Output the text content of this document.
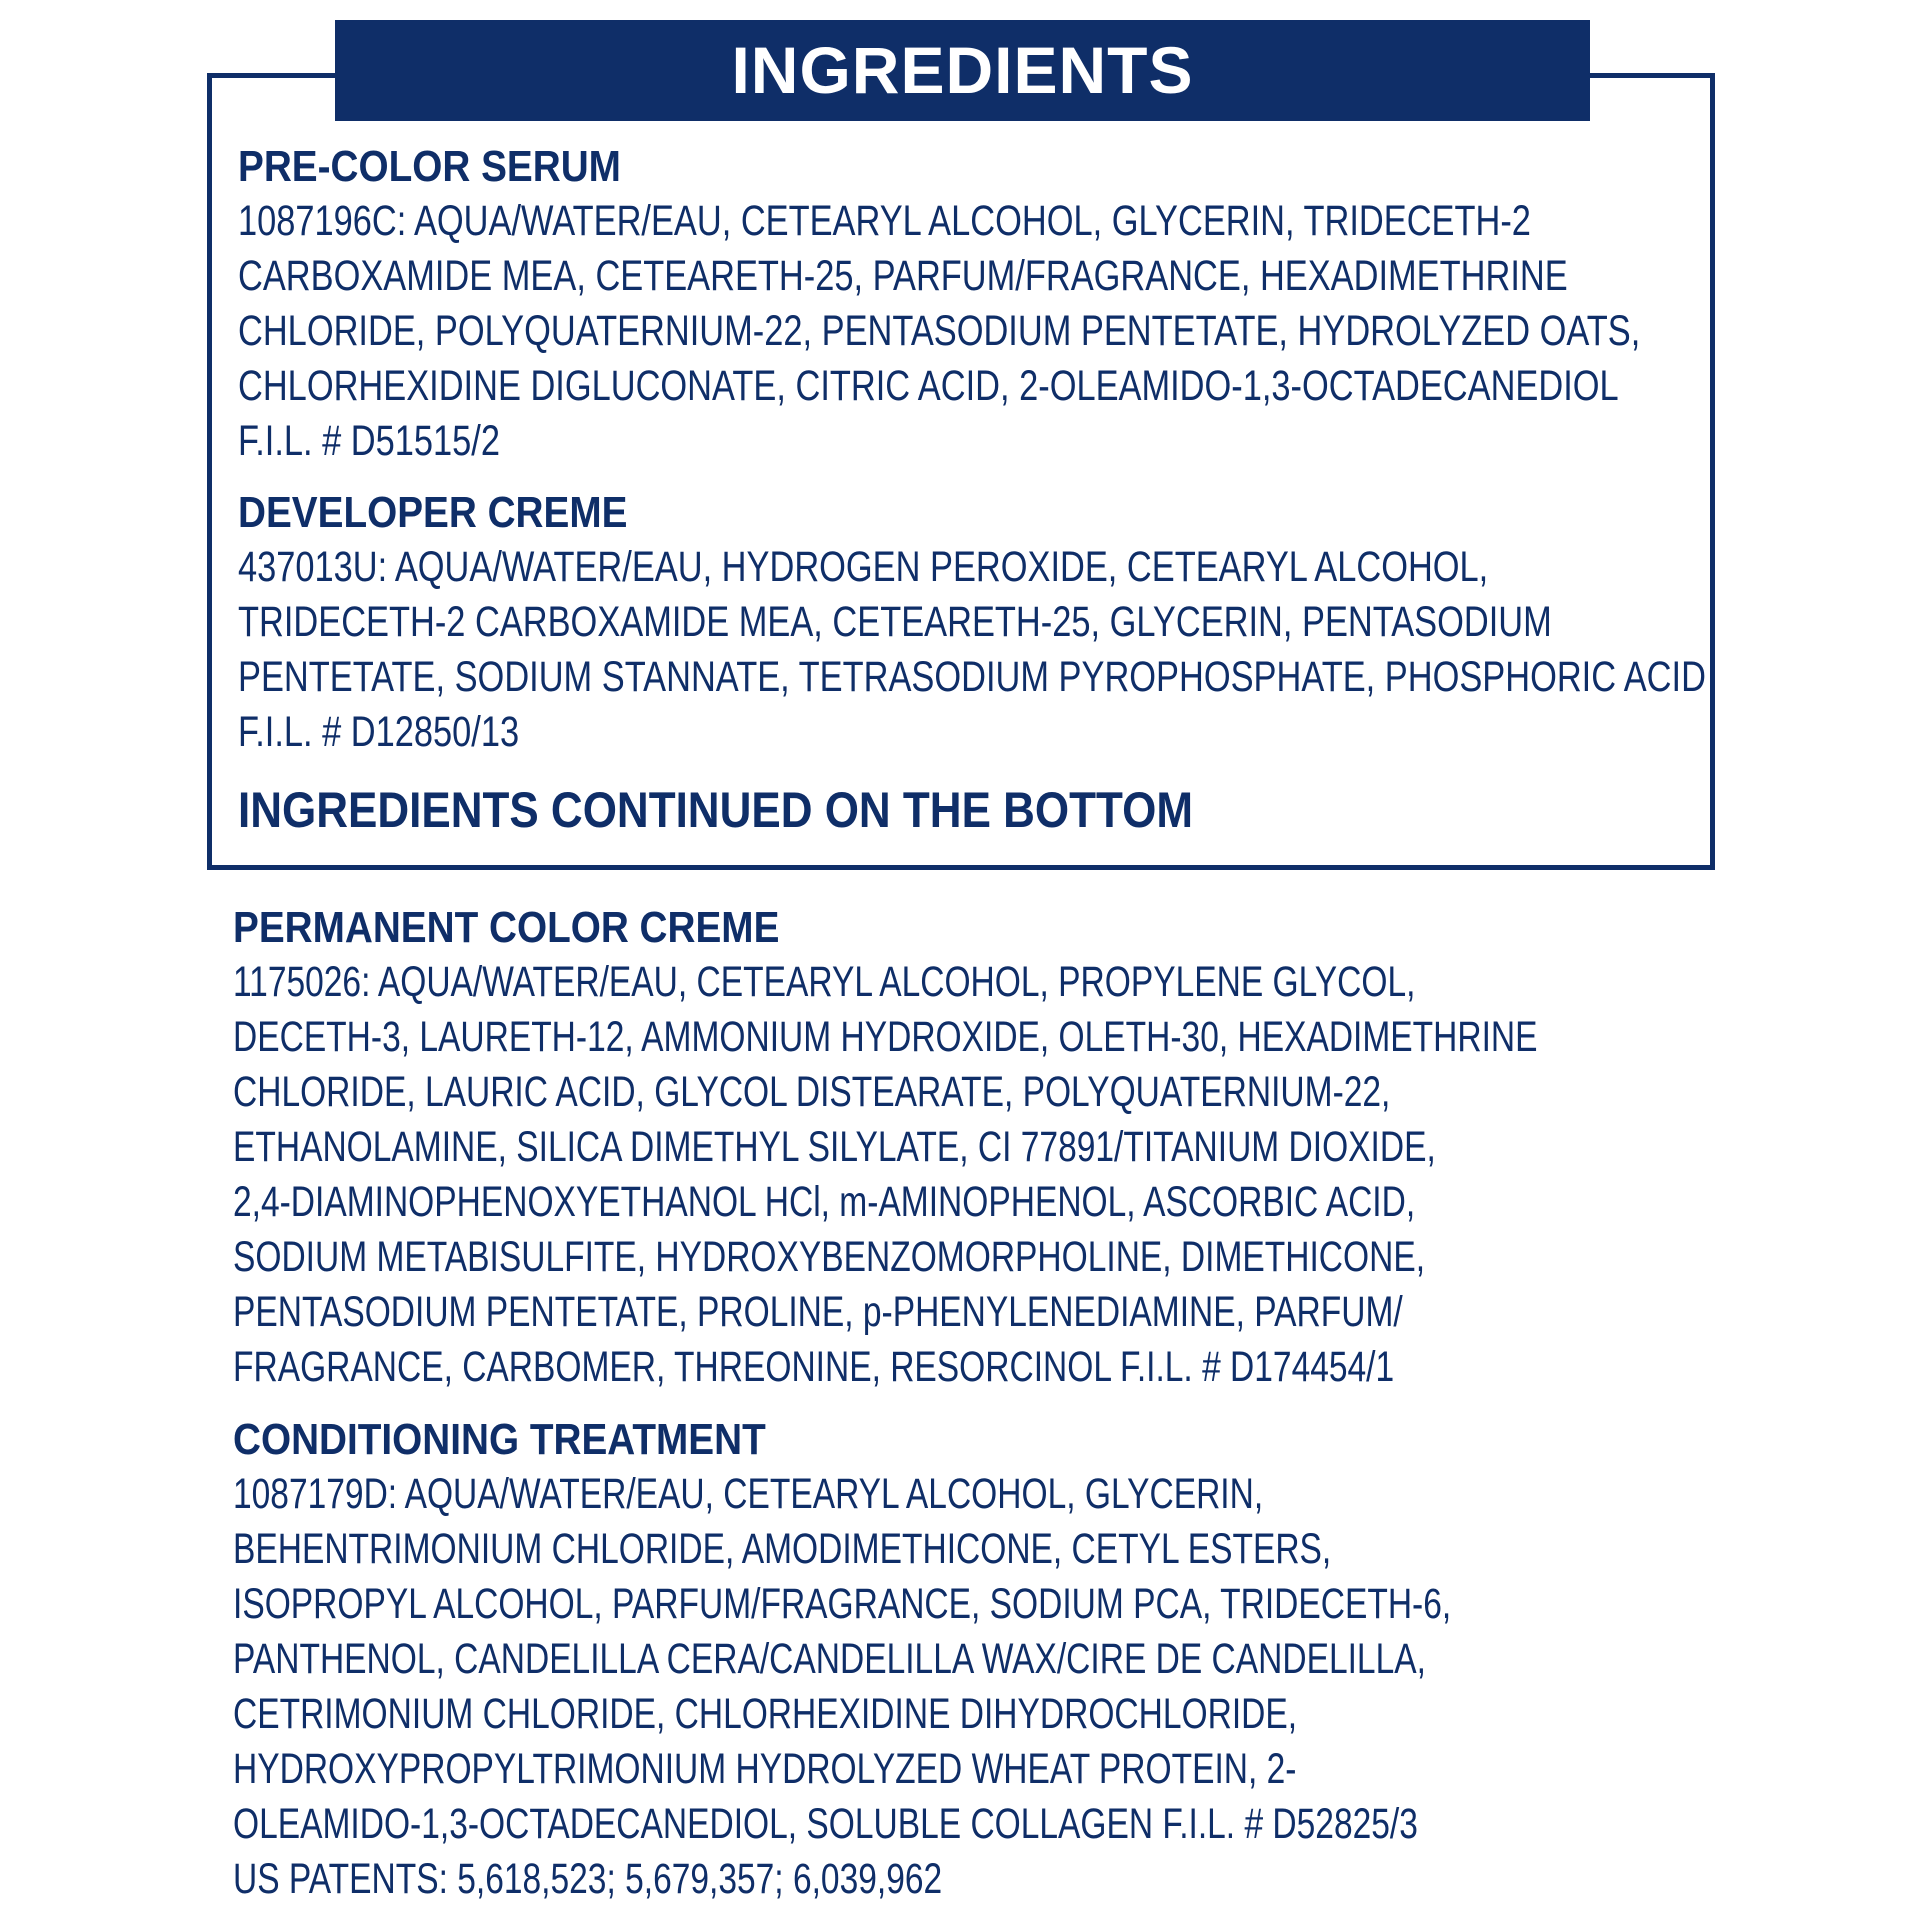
INGREDIENTS
PRE-COLOR SERUM
1087196C: AQUA/WATER/EAU, CETEARYL ALCOHOL, GLYCERIN, TRIDECETH-2
CARBOXAMIDE MEA, CETEARETH-25, PARFUM/FRAGRANCE, HEXADIMETHRINE
CHLORIDE, POLYQUATERNIUM-22, PENTASODIUM PENTETATE, HYDROLYZED OATS,
CHLORHEXIDINE DIGLUCONATE, CITRIC ACID, 2-OLEAMIDO-1,3-OCTADECANEDIOL
F.I.L. # D51515/2
DEVELOPER CREME
437013U: AQUA/WATER/EAU, HYDROGEN PEROXIDE, CETEARYL ALCOHOL,
TRIDECETH-2 CARBOXAMIDE MEA, CETEARETH-25, GLYCERIN, PENTASODIUM
PENTETATE, SODIUM STANNATE, TETRASODIUM PYROPHOSPHATE, PHOSPHORIC ACID
F.I.L. # D12850/13
INGREDIENTS CONTINUED ON THE BOTTOM
PERMANENT COLOR CREME
1175026: AQUA/WATER/EAU, CETEARYL ALCOHOL, PROPYLENE GLYCOL,
DECETH-3, LAURETH-12, AMMONIUM HYDROXIDE, OLETH-30, HEXADIMETHRINE
CHLORIDE, LAURIC ACID, GLYCOL DISTEARATE, POLYQUATERNIUM-22,
ETHANOLAMINE, SILICA DIMETHYL SILYLATE, CI 77891/TITANIUM DIOXIDE,
2,4-DIAMINOPHENOXYETHANOL HCl, m-AMINOPHENOL, ASCORBIC ACID,
SODIUM METABISULFITE, HYDROXYBENZOMORPHOLINE, DIMETHICONE,
PENTASODIUM PENTETATE, PROLINE, p-PHENYLENEDIAMINE, PARFUM/
FRAGRANCE, CARBOMER, THREONINE, RESORCINOL F.I.L. # D174454/1
CONDITIONING TREATMENT
1087179D: AQUA/WATER/EAU, CETEARYL ALCOHOL, GLYCERIN,
BEHENTRIMONIUM CHLORIDE, AMODIMETHICONE, CETYL ESTERS,
ISOPROPYL ALCOHOL, PARFUM/FRAGRANCE, SODIUM PCA, TRIDECETH-6,
PANTHENOL, CANDELILLA CERA/CANDELILLA WAX/CIRE DE CANDELILLA,
CETRIMONIUM CHLORIDE, CHLORHEXIDINE DIHYDROCHLORIDE,
HYDROXYPROPYLTRIMONIUM HYDROLYZED WHEAT PROTEIN, 2-
OLEAMIDO-1,3-OCTADECANEDIOL, SOLUBLE COLLAGEN F.I.L. # D52825/3
US PATENTS: 5,618,523; 5,679,357; 6,039,962
